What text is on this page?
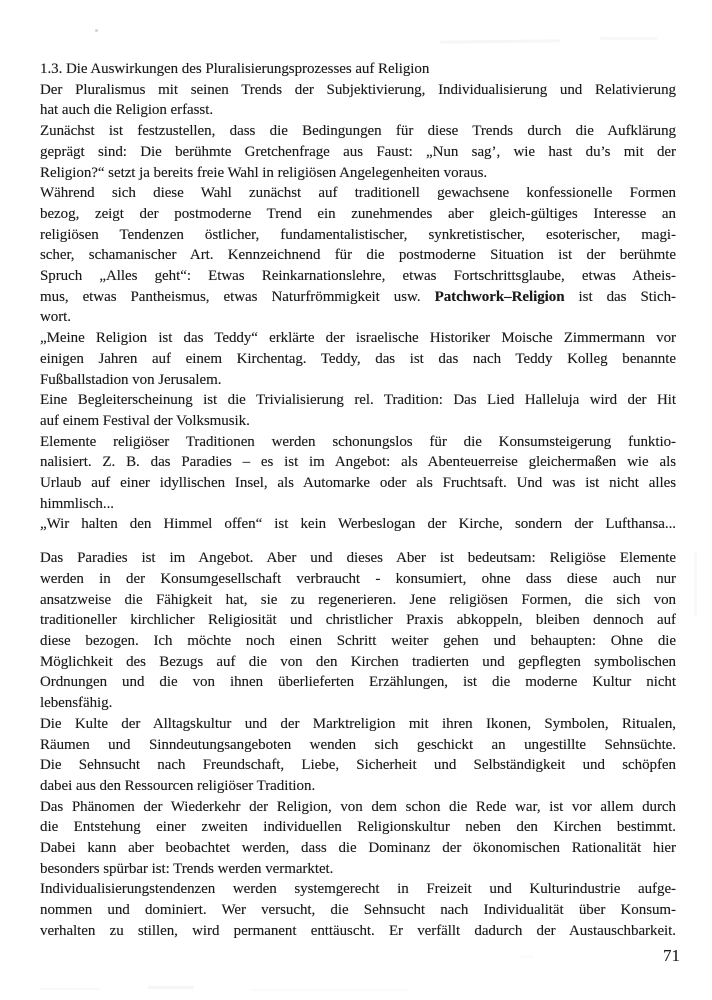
1.3. Die Auswirkungen des Pluralisierungsprozesses auf Religion
Der Pluralismus mit seinen Trends der Subjektivierung, Individualisierung und Relativierung
hat auch die Religion erfasst.
Zunächst ist festzustellen, dass die Bedingungen für diese Trends durch die Aufklärung
geprägt sind: Die berühmte Gretchenfrage aus Faust: „Nun sag’, wie hast du’s mit der
Religion?“ setzt ja bereits freie Wahl in religiösen Angelegenheiten voraus.
Während sich diese Wahl zunächst auf traditionell gewachsene konfessionelle Formen
bezog, zeigt der postmoderne Trend ein zunehmendes aber gleich-gültiges Interesse an
religiösen Tendenzen östlicher, fundamentalistischer, synkretistischer, esoterischer, magi-
scher, schamanischer Art. Kennzeichnend für die postmoderne Situation ist der berühmte
Spruch „Alles geht“: Etwas Reinkarnationslehre, etwas Fortschrittsglaube, etwas Atheis-
mus, etwas Pantheismus, etwas Naturfrömmigkeit usw. Patchwork–Religion ist das Stich-
wort.
„Meine Religion ist das Teddy“ erklärte der israelische Historiker Moische Zimmermann vor
einigen Jahren auf einem Kirchentag. Teddy, das ist das nach Teddy Kolleg benannte
Fußballstadion von Jerusalem.
Eine Begleiterscheinung ist die Trivialisierung rel. Tradition: Das Lied Halleluja wird der Hit
auf einem Festival der Volksmusik.
Elemente religiöser Traditionen werden schonungslos für die Konsumsteigerung funktio-
nalisiert. Z. B. das Paradies – es ist im Angebot: als Abenteuerreise gleichermaßen wie als
Urlaub auf einer idyllischen Insel, als Automarke oder als Fruchtsaft. Und was ist nicht alles
himmlisch...
„Wir halten den Himmel offen“ ist kein Werbeslogan der Kirche, sondern der Lufthansa...
Das Paradies ist im Angebot. Aber und dieses Aber ist bedeutsam: Religiöse Elemente
werden in der Konsumgesellschaft verbraucht - konsumiert, ohne dass diese auch nur
ansatzweise die Fähigkeit hat, sie zu regenerieren. Jene religiösen Formen, die sich von
traditioneller kirchlicher Religiosität und christlicher Praxis abkoppeln, bleiben dennoch auf
diese bezogen. Ich möchte noch einen Schritt weiter gehen und behaupten: Ohne die
Möglichkeit des Bezugs auf die von den Kirchen tradierten und gepflegten symbolischen
Ordnungen und die von ihnen überlieferten Erzählungen, ist die moderne Kultur nicht
lebensfähig.
Die Kulte der Alltagskultur und der Marktreligion mit ihren Ikonen, Symbolen, Ritualen,
Räumen und Sinndeutungsangeboten wenden sich geschickt an ungestillte Sehnsüchte.
Die Sehnsucht nach Freundschaft, Liebe, Sicherheit und Selbständigkeit und schöpfen
dabei aus den Ressourcen religiöser Tradition.
Das Phänomen der Wiederkehr der Religion, von dem schon die Rede war, ist vor allem durch
die Entstehung einer zweiten individuellen Religionskultur neben den Kirchen bestimmt.
Dabei kann aber beobachtet werden, dass die Dominanz der ökonomischen Rationalität hier
besonders spürbar ist: Trends werden vermarktet.
Individualisierungstendenzen werden systemgerecht in Freizeit und Kulturindustrie aufge-
nommen und dominiert. Wer versucht, die Sehnsucht nach Individualität über Konsum-
verhalten zu stillen, wird permanent enttäuscht. Er verfällt dadurch der Austauschbarkeit.
71
